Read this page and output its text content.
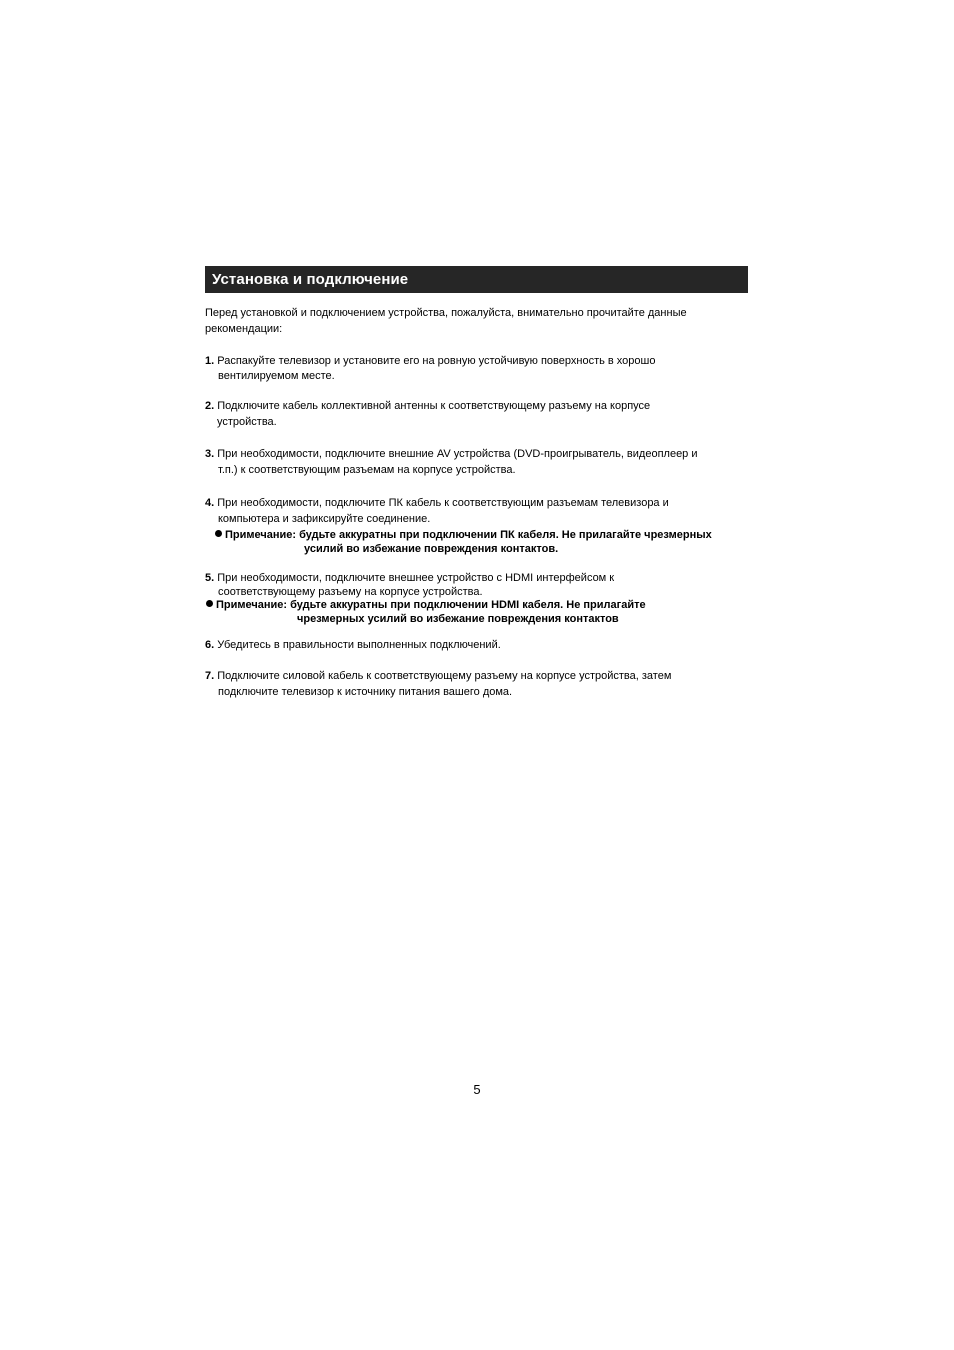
Установка и подключение
Перед установкой и подключением устройства, пожалуйста, внимательно прочитайте данные
рекомендации:
1. Распакуйте телевизор и установите его на ровную устойчивую поверхность в хорошо
вентилируемом месте.
2. Подключите кабель коллективной антенны к соответствующему разъему на корпусе
устройства.
3. При необходимости, подключите внешние AV устройства (DVD-проигрыватель, видеоплеер и
т.п.) к соответствующим разъемам на корпусе устройства.
4. При необходимости, подключите ПК кабель к соответствующим разъемам телевизора и
компьютера и зафиксируйте соединение.
Примечание: будьте аккуратны при подключении ПК кабеля. Не прилагайте чрезмерных
усилий во избежание повреждения контактов.
5. При необходимости, подключите внешнее устройство с HDMI интерфейсом к
соответствующему разъему на корпусе устройства.
Примечание: будьте аккуратны при подключении HDMI кабеля. Не прилагайте
чрезмерных усилий во избежание повреждения контактов
6. Убедитесь в правильности выполненных подключений.
7. Подключите силовой кабель к соответствующему разъему на корпусе устройства, затем
подключите телевизор к источнику питания вашего дома.
5
